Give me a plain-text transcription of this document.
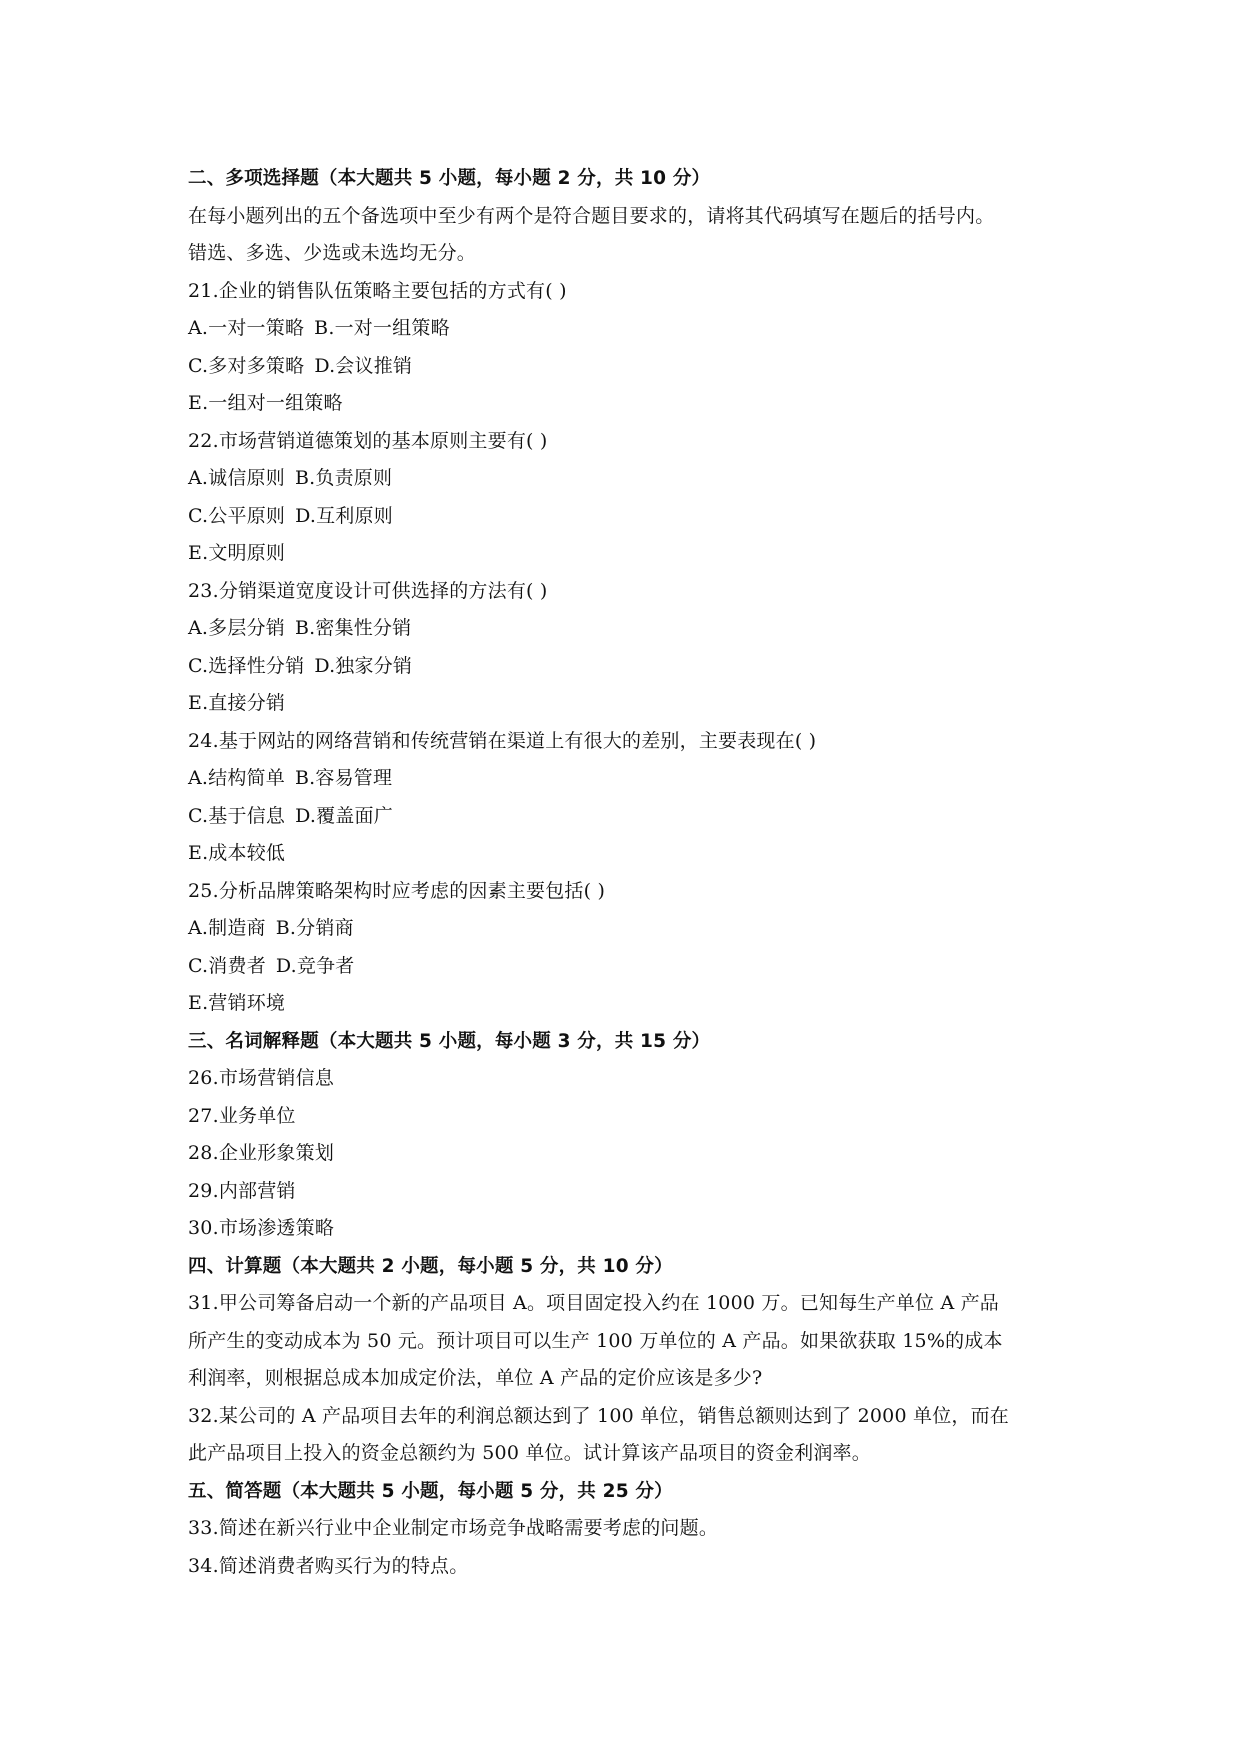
二、多项选择题（本大题共 5 小题，每小题 2 分，共 10 分）
在每小题列出的五个备选项中至少有两个是符合题目要求的，请将其代码填写在题后的括号内。
错选、多选、少选或未选均无分。
21.企业的销售队伍策略主要包括的方式有( )
A.一对一策略 B.一对一组策略
C.多对多策略 D.会议推销
E.一组对一组策略
22.市场营销道德策划的基本原则主要有( )
A.诚信原则 B.负责原则
C.公平原则 D.互利原则
E.文明原则
23.分销渠道宽度设计可供选择的方法有( )
A.多层分销 B.密集性分销
C.选择性分销 D.独家分销
E.直接分销
24.基于网站的网络营销和传统营销在渠道上有很大的差别，主要表现在( )
A.结构简单 B.容易管理
C.基于信息 D.覆盖面广
E.成本较低
25.分析品牌策略架构时应考虑的因素主要包括( )
A.制造商 B.分销商
C.消费者 D.竞争者
E.营销环境
三、名词解释题（本大题共 5 小题，每小题 3 分，共 15 分）
26.市场营销信息
27.业务单位
28.企业形象策划
29.内部营销
30.市场渗透策略
四、计算题（本大题共 2 小题，每小题 5 分，共 10 分）
31.甲公司筹备启动一个新的产品项目 A。项目固定投入约在 1000 万。已知每生产单位 A 产品
所产生的变动成本为 50 元。预计项目可以生产 100 万单位的 A 产品。如果欲获取 15%的成本
利润率，则根据总成本加成定价法，单位 A 产品的定价应该是多少?
32.某公司的 A 产品项目去年的利润总额达到了 100 单位，销售总额则达到了 2000 单位，而在
此产品项目上投入的资金总额约为 500 单位。试计算该产品项目的资金利润率。
五、简答题（本大题共 5 小题，每小题 5 分，共 25 分）
33.简述在新兴行业中企业制定市场竞争战略需要考虑的问题。
34.简述消费者购买行为的特点。
